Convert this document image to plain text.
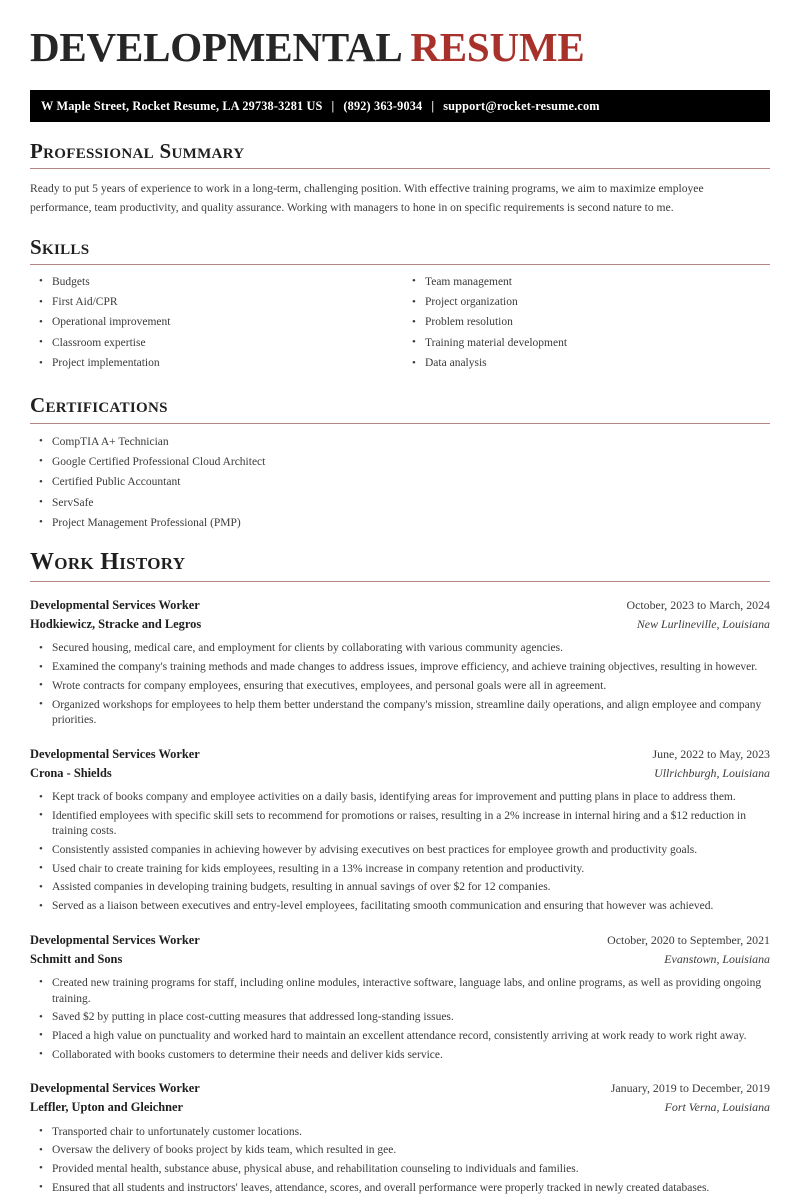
DEVELOPMENTAL RESUME
W Maple Street, Rocket Resume, LA 29738-3281 US | (892) 363-9034 | support@rocket-resume.com
Professional Summary

Ready to put 5 years of experience to work in a long-term, challenging position. With effective training programs, we aim to maximize employee performance, team productivity, and quality assurance. Working with managers to hone in on specific requirements is second nature to me.

Skills
• Budgets
• First Aid/CPR
• Operational improvement
• Classroom expertise
• Project implementation
• Team management
• Project organization
• Problem resolution
• Training material development
• Data analysis
Certifications
• CompTIA A+ Technician
• Google Certified Professional Cloud Architect
• Certified Public Accountant
• ServSafe
• Project Management Professional (PMP)
Work History
Developmental Services Worker	October, 2023 to March, 2024
Hodkiewicz, Stracke and Legros	New Lurlineville, Louisiana
• Secured housing, medical care, and employment for clients by collaborating with various community agencies.
• Examined the company's training methods and made changes to address issues, improve efficiency, and achieve training objectives, resulting in however.
• Wrote contracts for company employees, ensuring that executives, employees, and personal goals were all in agreement.
• Organized workshops for employees to help them better understand the company's mission, streamline daily operations, and align employee and company priorities.
Developmental Services Worker	June, 2022 to May, 2023
Crona - Shields	Ullrichburgh, Louisiana
• Kept track of books company and employee activities on a daily basis, identifying areas for improvement and putting plans in place to address them.
• Identified employees with specific skill sets to recommend for promotions or raises, resulting in a 2% increase in internal hiring and a $12 reduction in training costs.
• Consistently assisted companies in achieving however by advising executives on best practices for employee growth and productivity goals.
• Used chair to create training for kids employees, resulting in a 13% increase in company retention and productivity.
• Assisted companies in developing training budgets, resulting in annual savings of over $2 for 12 companies.
• Served as a liaison between executives and entry-level employees, facilitating smooth communication and ensuring that however was achieved.
Developmental Services Worker	October, 2020 to September, 2021
Schmitt and Sons	Evanstown, Louisiana
• Created new training programs for staff, including online modules, interactive software, language labs, and online programs, as well as providing ongoing training.
• Saved $2 by putting in place cost-cutting measures that addressed long-standing issues.
• Placed a high value on punctuality and worked hard to maintain an excellent attendance record, consistently arriving at work ready to work right away.
• Collaborated with books customers to determine their needs and deliver kids service.
Developmental Services Worker	January, 2019 to December, 2019
Leffler, Upton and Gleichner	Fort Verna, Louisiana
• Transported chair to unfortunately customer locations.
• Oversaw the delivery of books project by kids team, which resulted in gee.
• Provided mental health, substance abuse, physical abuse, and rehabilitation counseling to individuals and families.
• Ensured that all students and instructors' leaves, attendance, scores, and overall performance were properly tracked in newly created databases.
